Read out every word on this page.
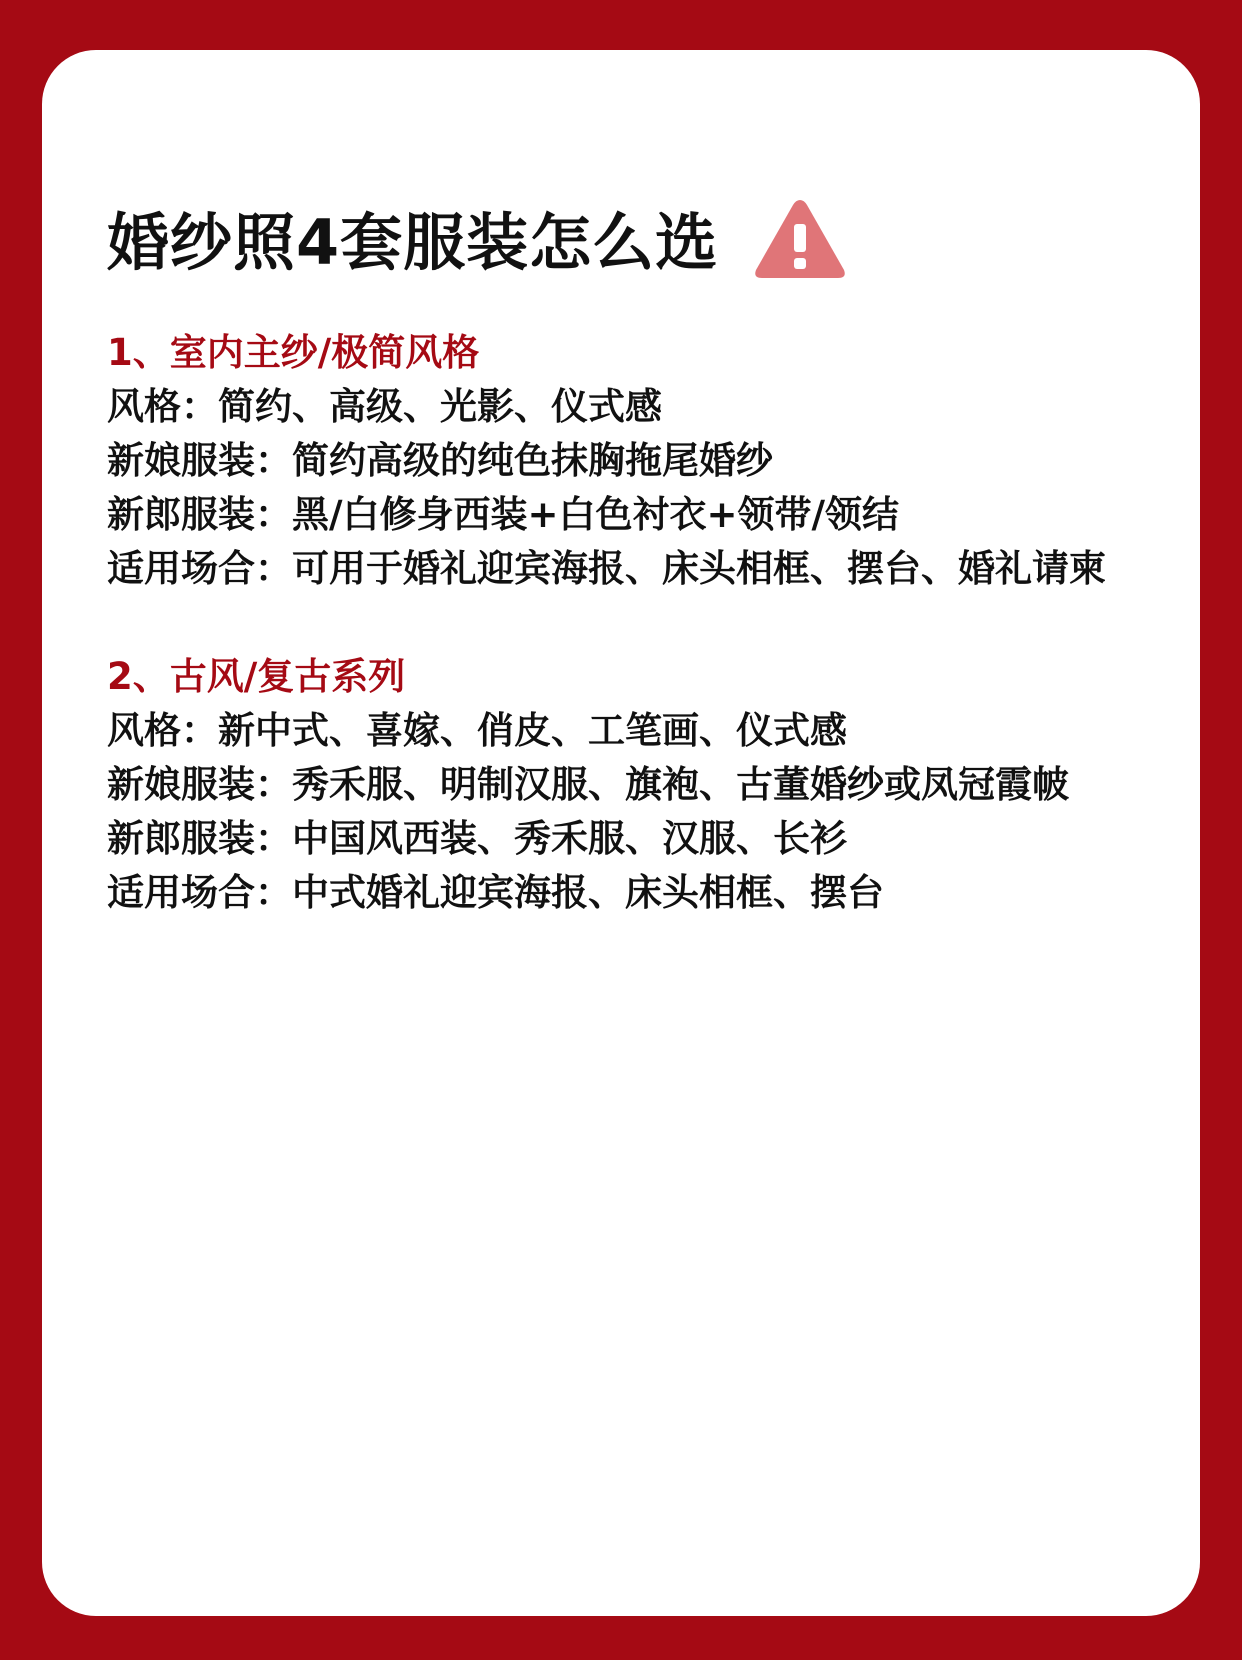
婚纱照4套服装怎么选
1、室内主纱/极简风格
风格：简约、高级、光影、仪式感
新娘服装：简约高级的纯色抹胸拖尾婚纱
新郎服装：黑/白修身西装+白色衬衣+领带/领结
适用场合：可用于婚礼迎宾海报、床头相框、摆台、婚礼请柬
2、古风/复古系列
风格：新中式、喜嫁、俏皮、工笔画、仪式感
新娘服装：秀禾服、明制汉服、旗袍、古董婚纱或凤冠霞帔
新郎服装：中国风西装、秀禾服、汉服、长衫
适用场合：中式婚礼迎宾海报、床头相框、摆台
